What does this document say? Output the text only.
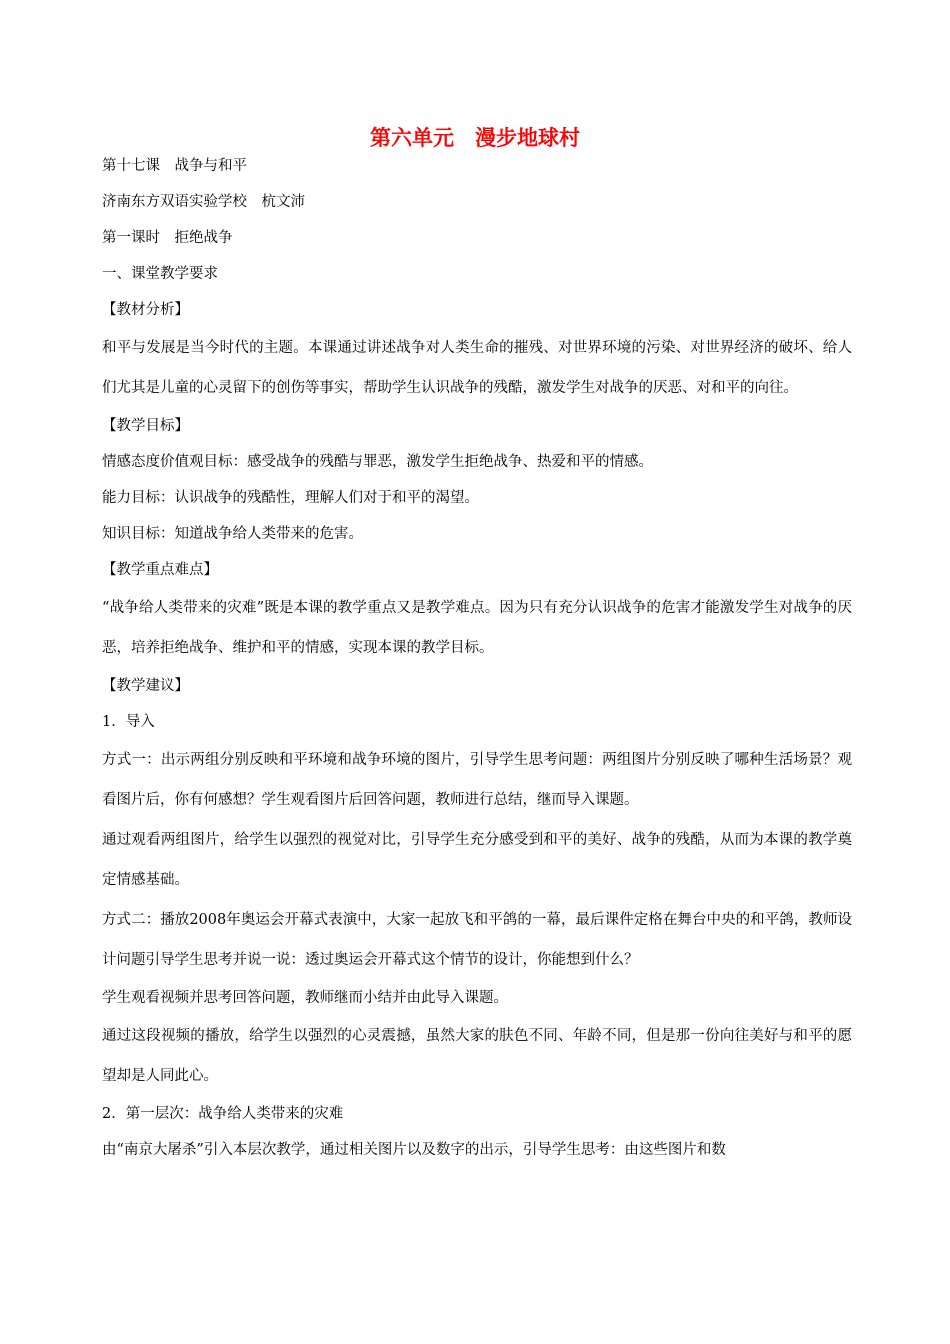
第六单元　漫步地球村
第十七课　战争与和平
济南东方双语实验学校　杭文沛
第一课时　拒绝战争
一、课堂教学要求
【教材分析】
和平与发展是当今时代的主题。本课通过讲述战争对人类生命的摧残、对世界环境的污染、对世界经济的破坏、给人们尤其是儿童的心灵留下的创伤等事实，帮助学生认识战争的残酷，激发学生对战争的厌恶、对和平的向往。
【教学目标】
情感态度价值观目标：感受战争的残酷与罪恶，激发学生拒绝战争、热爱和平的情感。
能力目标：认识战争的残酷性，理解人们对于和平的渴望。
知识目标：知道战争给人类带来的危害。
【教学重点难点】
“战争给人类带来的灾难”既是本课的教学重点又是教学难点。因为只有充分认识战争的危害才能激发学生对战争的厌恶，培养拒绝战争、维护和平的情感，实现本课的教学目标。
【教学建议】
1．导入
方式一：出示两组分别反映和平环境和战争环境的图片，引导学生思考问题：两组图片分别反映了哪种生活场景？观看图片后，你有何感想？学生观看图片后回答问题，教师进行总结，继而导入课题。
通过观看两组图片，给学生以强烈的视觉对比，引导学生充分感受到和平的美好、战争的残酷，从而为本课的教学奠定情感基础。
方式二：播放2008年奥运会开幕式表演中，大家一起放飞和平鸽的一幕，最后课件定格在舞台中央的和平鸽，教师设计问题引导学生思考并说一说：透过奥运会开幕式这个情节的设计，你能想到什么？
学生观看视频并思考回答问题，教师继而小结并由此导入课题。
通过这段视频的播放，给学生以强烈的心灵震撼，虽然大家的肤色不同、年龄不同，但是那一份向往美好与和平的愿望却是人同此心。
2．第一层次：战争给人类带来的灾难
由“南京大屠杀”引入本层次教学，通过相关图片以及数字的出示，引导学生思考：由这些图片和数
